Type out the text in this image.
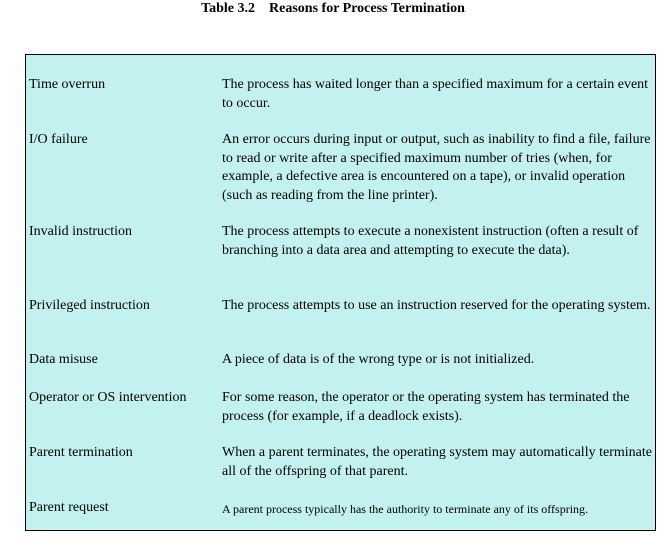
Table 3.2 Reasons for Process Termination
Time overrun	The process has waited longer than a specified maximum for a certain event to occur.
I/O failure	An error occurs during input or output, such as inability to find a file, failure to read or write after a specified maximum number of tries (when, for example, a defective area is encountered on a tape), or invalid operation (such as reading from the line printer).
Invalid instruction	The process attempts to execute a nonexistent instruction (often a result of branching into a data area and attempting to execute the data).
Privileged instruction	The process attempts to use an instruction reserved for the operating system.
Data misuse	A piece of data is of the wrong type or is not initialized.
Operator or OS intervention	For some reason, the operator or the operating system has terminated the process (for example, if a deadlock exists).
Parent termination	When a parent terminates, the operating system may automatically terminate all of the offspring of that parent.
Parent request	A parent process typically has the authority to terminate any of its offspring.
